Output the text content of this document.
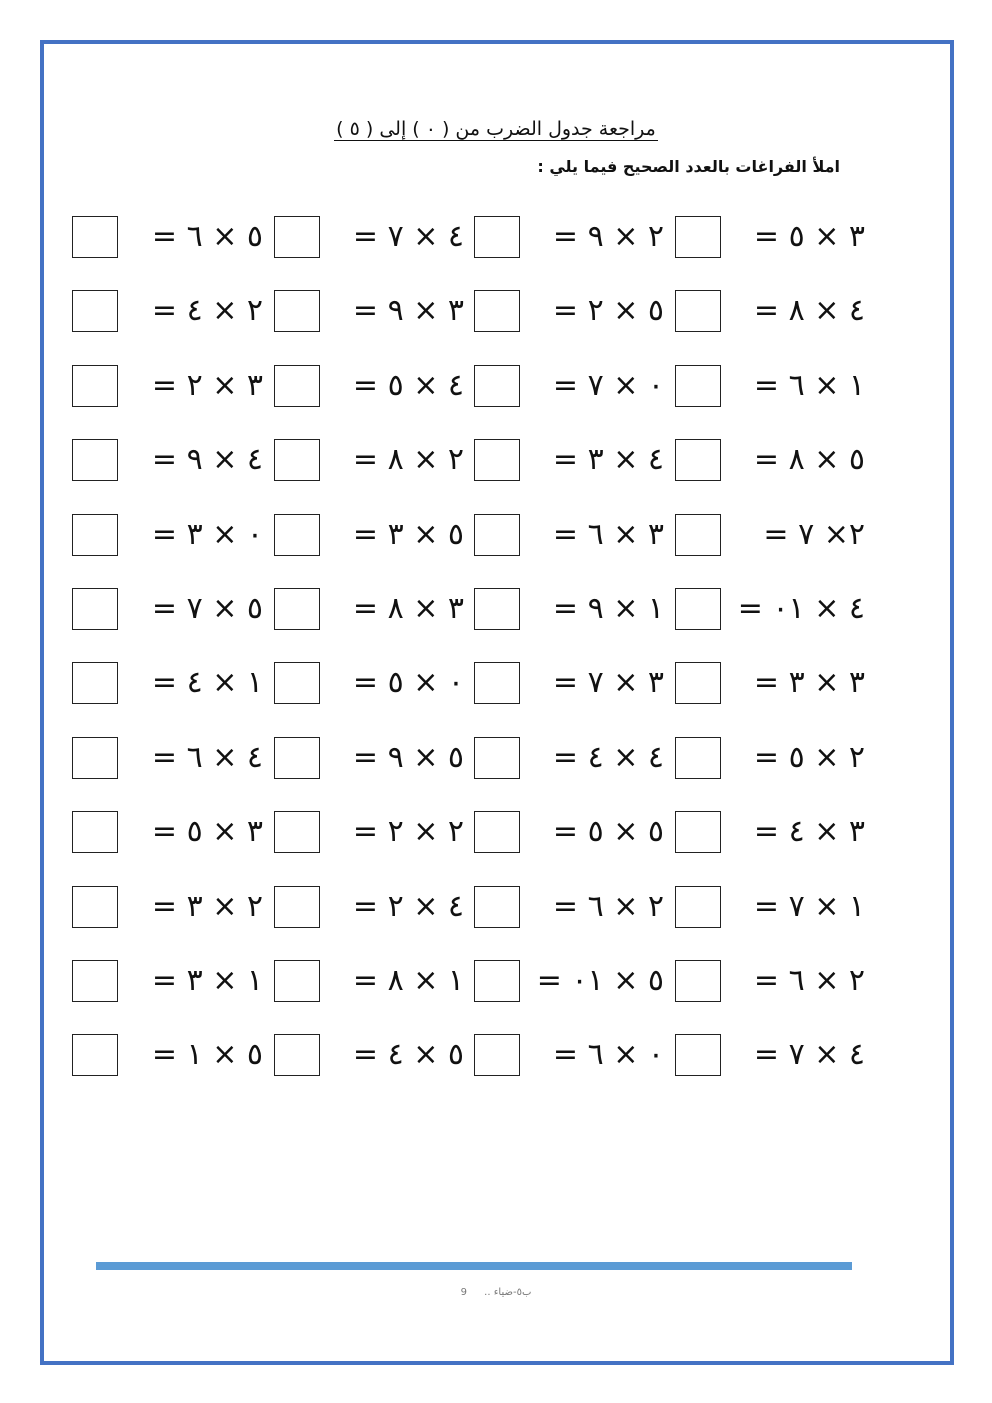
مراجعة جدول الضرب من ( ٠ ) إلى ( ٥ )
املأ الفراغات بالعدد الصحيح فيما يلي :
٣ × ٥ =
٢ × ٩ =
٤ × ٧ =
٥ × ٦ =
٤ × ٨ =
٥ × ٢ =
٣ × ٩ =
٢ × ٤ =
١ × ٦ =
٠ × ٧ =
٤ × ٥ =
٣ × ٢ =
٥ × ٨ =
٤ × ٣ =
٢ × ٨ =
٤ × ٩ =
٢× ٧ =
٣ × ٦ =
٥ × ٣ =
٠ × ٣ =
٤ × ١٠ =
١ × ٩ =
٣ × ٨ =
٥ × ٧ =
٣ × ٣ =
٣ × ٧ =
٠ × ٥ =
١ × ٤ =
٢ × ٥ =
٤ × ٤ =
٥ × ٩ =
٤ × ٦ =
٣ × ٤ =
٥ × ٥ =
٢ × ٢ =
٣ × ٥ =
١ × ٧ =
٢ × ٦ =
٤ × ٢ =
٢ × ٣ =
٢ × ٦ =
٥ × ١٠ =
١ × ٨ =
١ × ٣ =
٤ × ٧ =
٠ × ٦ =
٥ × ٤ =
٥ × ١ =
ب٥-ضياء .. 9
